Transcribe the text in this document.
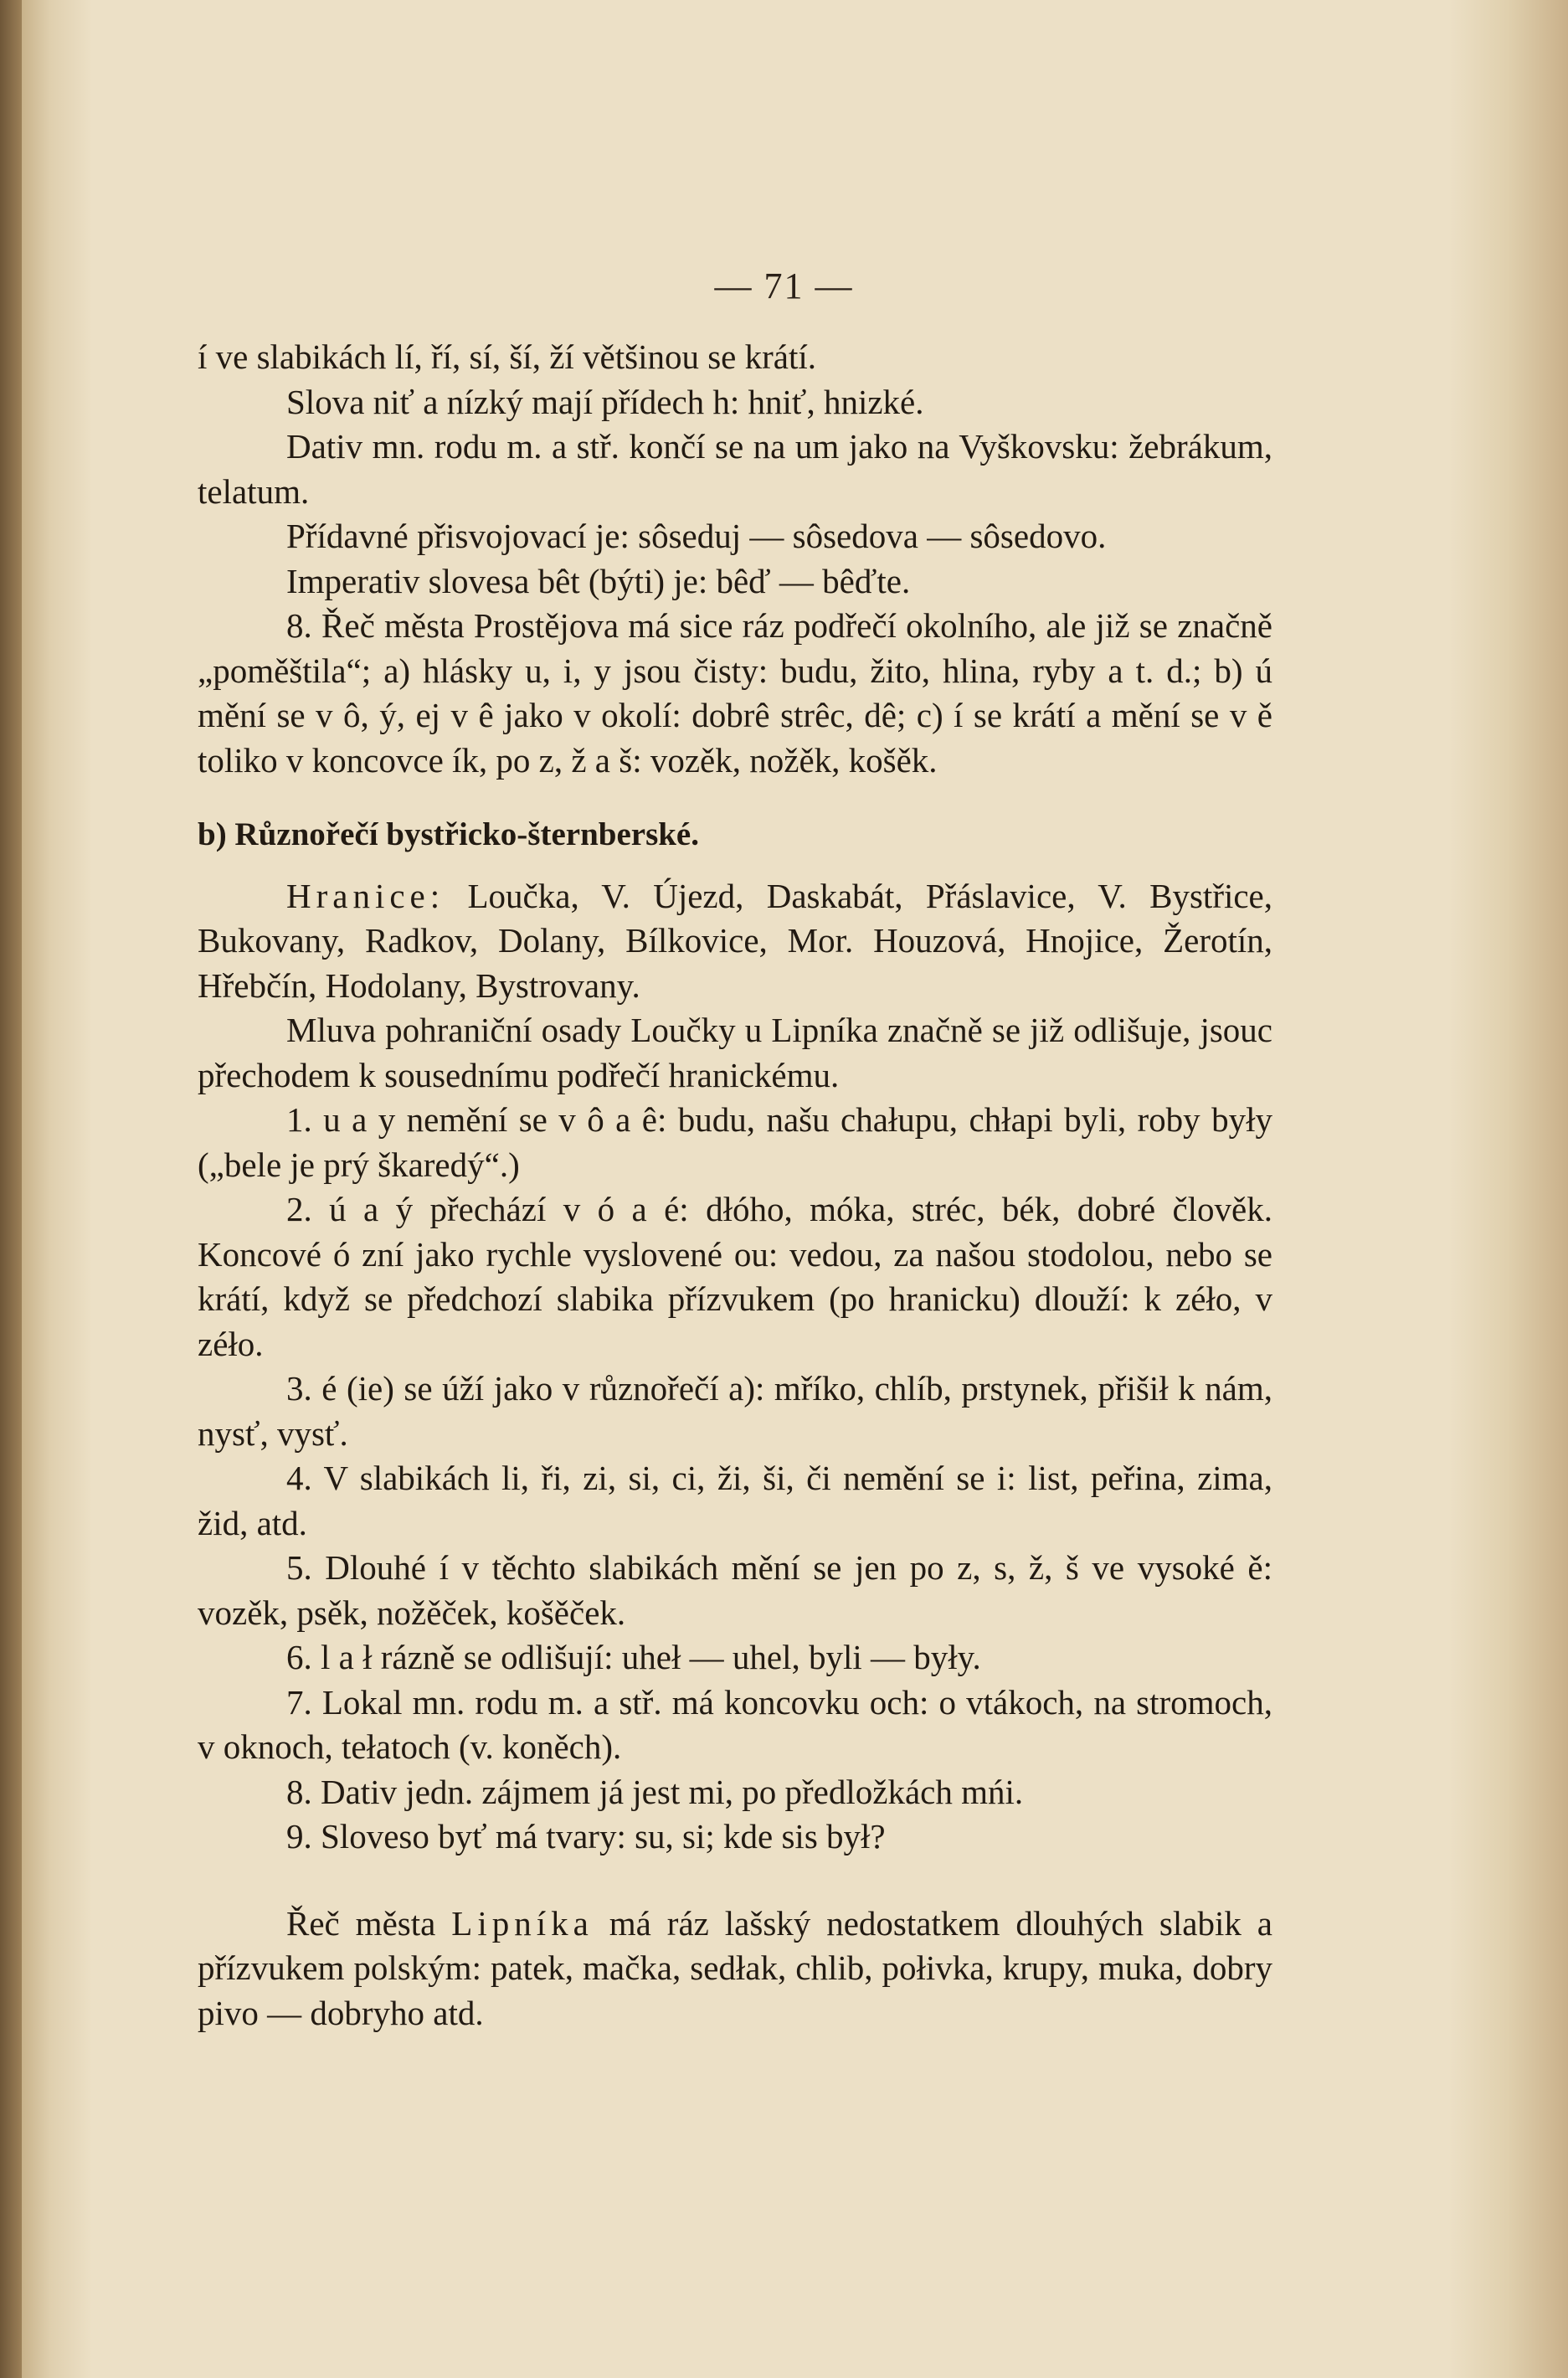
— 71 —

í ve slabikách lí, ří, sí, ší, ží většinou se krátí.

Slova niť a nízký mají přídech h: hniť, hnizké.

Dativ mn. rodu m. a stř. končí se na um jako na Vyškovsku: žebrákum, telatum.

Přídavné přisvojovací je: sôseduj — sôsedova — sôsedovo.

Imperativ slovesa bêt (býti) je: bêď — bêďte.

8. Řeč města Prostějova má sice ráz podřečí okolního, ale již se značně „poměštila“; a) hlásky u, i, y jsou čisty: budu, žito, hlina, ryby a t. d.; b) ú mění se v ô, ý, ej v ê jako v okolí: dobrê strêc, dê; c) í se krátí a mění se v ě toliko v koncovce ík, po z, ž a š: vozěk, nožěk, košěk.

b) Různořečí bystřicko-šternberské.

Hranice: Loučka, V. Újezd, Daskabát, Přáslavice, V. Bystřice, Bukovany, Radkov, Dolany, Bílkovice, Mor. Houzová, Hnojice, Žerotín, Hřebčín, Hodolany, Bystrovany.

Mluva pohraniční osady Loučky u Lipníka značně se již odlišuje, jsouc přechodem k sousednímu podřečí hranickému.

1. u a y nemění se v ô a ê: budu, našu chałupu, chłapi byli, roby były („bele je prý škaredý“.)

2. ú a ý přechází v ó a é: dłóho, móka, stréc, bék, dobré člověk. Koncové ó zní jako rychle vyslovené ou: vedou, za našou stodolou, nebo se krátí, když se předchozí slabika přízvukem (po hranicku) dlouží: k zéło, v zéło.

3. é (ie) se úží jako v různořečí a): mříko, chlíb, prstynek, přišił k nám, nysť, vysť.

4. V slabikách li, ři, zi, si, ci, ži, ši, či nemění se i: list, peřina, zima, žid, atd.

5. Dlouhé í v těchto slabikách mění se jen po z, s, ž, š ve vysoké ě: vozěk, psěk, nožěček, košěček.

6. l a ł rázně se odlišují: uheł — uhel, byli — były.

7. Lokal mn. rodu m. a stř. má koncovku och: o vtákoch, na stromoch, v oknoch, tełatoch (v. koněch).

8. Dativ jedn. zájmem já jest mi, po předložkách mńi.

9. Sloveso byť má tvary: su, si; kde sis był?

Řeč města Lipníka má ráz lašský nedostatkem dlouhých slabik a přízvukem polským: patek, mačka, sedłak, chlib, połivka, krupy, muka, dobry pivo — dobryho atd.
